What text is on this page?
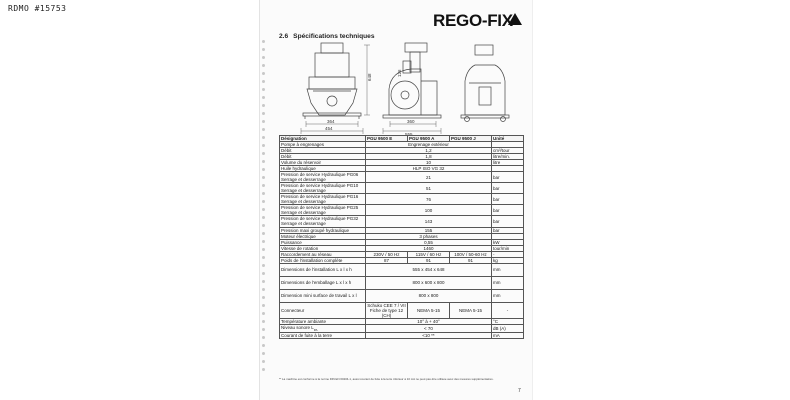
RDMO #15753
REGO-FIX
2.6 Spécifications techniques
364
454
648
360
555
126
Désignation	PGU 9500 E	PGU 9500 A	PGU 9500 J	Unité
Pompe à engrenages	Engrenage extérieur			
Débit	1,2			cm³/tour
Débit	1,8			litre/min.
Volume du réservoir	10			litre
Huile hydraulique	HLP ISO VG 32			
Pression de service Hydraulique PG06 Serrage et desserrage	21			bar
Pression de service Hydraulique PG10 Serrage et desserrage	51			bar
Pression de service Hydraulique PG16 Serrage et desserrage	76			bar
Pression de service Hydraulique PG25 Serrage et desserrage	100			bar
Pression de service Hydraulique PG32 Serrage et desserrage	143			bar
Pression maxi groupé hydraulique	155			bar
Moteur électrique	3 phases			
Puissance	0,55			kW
Vitesse de rotation	1460			tour/min
Raccordement au réseau	230V / 50 Hz	115V / 60 Hz	100V / 50-60 Hz	-
Poids de l'installation complète	87	91	91	kg
Dimensions de l'installation L x l x h	555 x 454 x 648			mm
Dimensions de l'emballage L x l x h	800 x 600 x 800			mm
Dimension mini surface de travail L x l	800 x 800			mm
Connecteur	Schuko CEE 7 / VII Fiche de type 12 (CH)	NEMA 5-15	NEMA 5-15	-
Température ambiante	10° à + 40°			°C
Niveau sonore $L_{PA}$	< 70			dB (A)
Courant de fuite à la terre	<10 **			mA
** La machine est conforme à la norme DIN EN 60204-1, aussi courant de fuite à la terre inférieur à 10 mA ne peut pas être utilisée avec des mesures supplémentaires.
7
